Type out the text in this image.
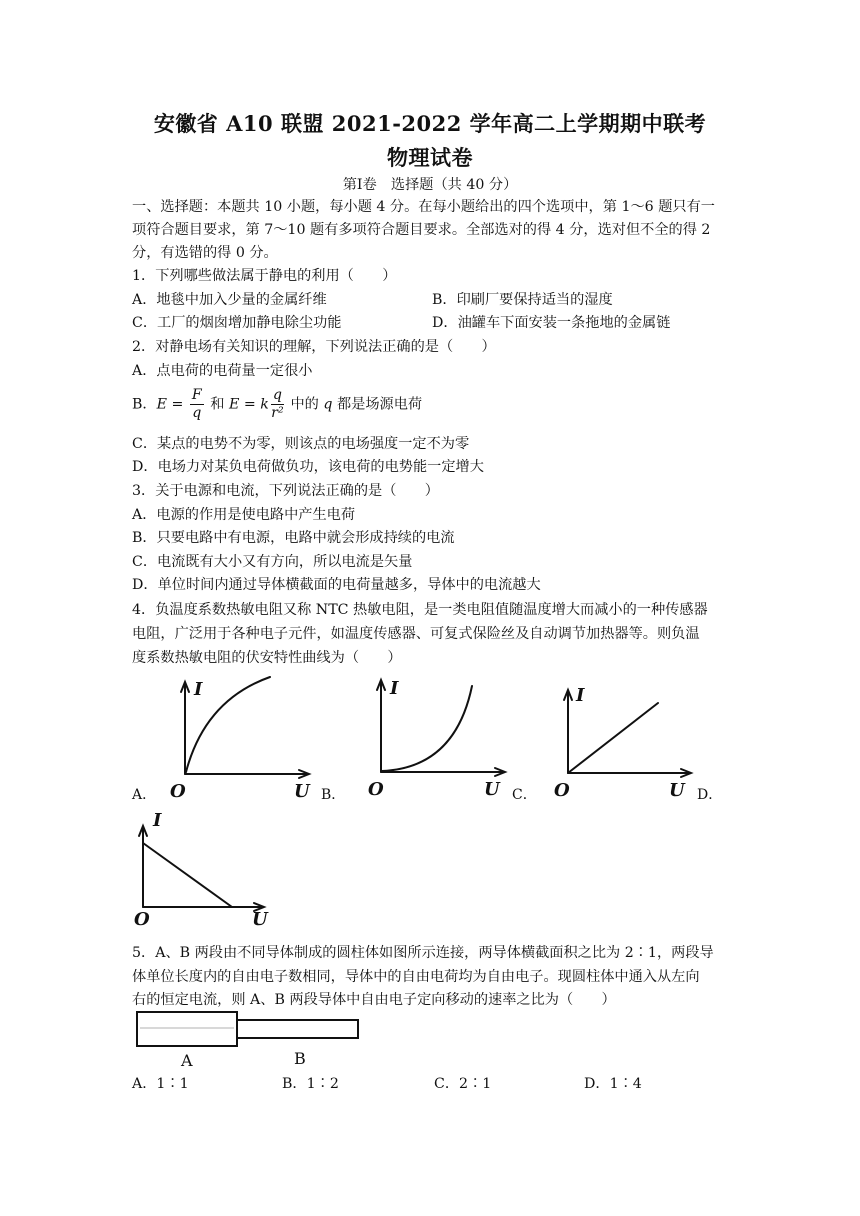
安徽省 A10 联盟 2021-2022 学年高二上学期期中联考
物理试卷
第Ⅰ卷　选择题（共 40 分）
一、选择题：本题共 10 小题，每小题 4 分。在每小题给出的四个选项中，第 1～6 题只有一
项符合题目要求，第 7～10 题有多项符合题目要求。全部选对的得 4 分，选对但不全的得 2
分，有选错的得 0 分。
1．下列哪些做法属于静电的利用（　　）
A．地毯中加入少量的金属纤维	B．印刷厂要保持适当的湿度
C．工厂的烟囱增加静电除尘功能	D．油罐车下面安装一条拖地的金属链
2．对静电场有关知识的理解，下列说法正确的是（　　）
A．点电荷的电荷量一定很小
B．$E = \frac{F}{q}$ 和 E = k $\frac{q}{\text{r²}}$ 中的 q 都是场源电荷
C．某点的电势不为零，则该点的电场强度一定不为零
D．电场力对某负电荷做负功，该电荷的电势能一定增大
3．关于电源和电流，下列说法正确的是（　　）
A．电源的作用是使电路中产生电荷
B．只要电路中有电源，电路中就会形成持续的电流
C．电流既有大小又有方向，所以电流是矢量
D．单位时间内通过导体横截面的电荷量越多，导体中的电流越大
4．负温度系数热敏电阻又称 NTC 热敏电阻，是一类电阻值随温度增大而减小的一种传感器
电阻，广泛用于各种电子元件，如温度传感器、可复式保险丝及自动调节加热器等。则负温
度系数热敏电阻的伏安特性曲线为（　　）
I
O	U
I
O	U
I
O	U
I
O	U
A．	B．	C．	D．
A	B
5．A、B 两段由不同导体制成的圆柱体如图所示连接，两导体横截面积之比为 2∶1，两段导
体单位长度内的自由电子数相同，导体中的自由电荷均为自由电子。现圆柱体中通入从左向
右的恒定电流，则 A、B 两段导体中自由电子定向移动的速率之比为（　　）
A．1∶1	B．1∶2	C．2∶1	D．1∶4
